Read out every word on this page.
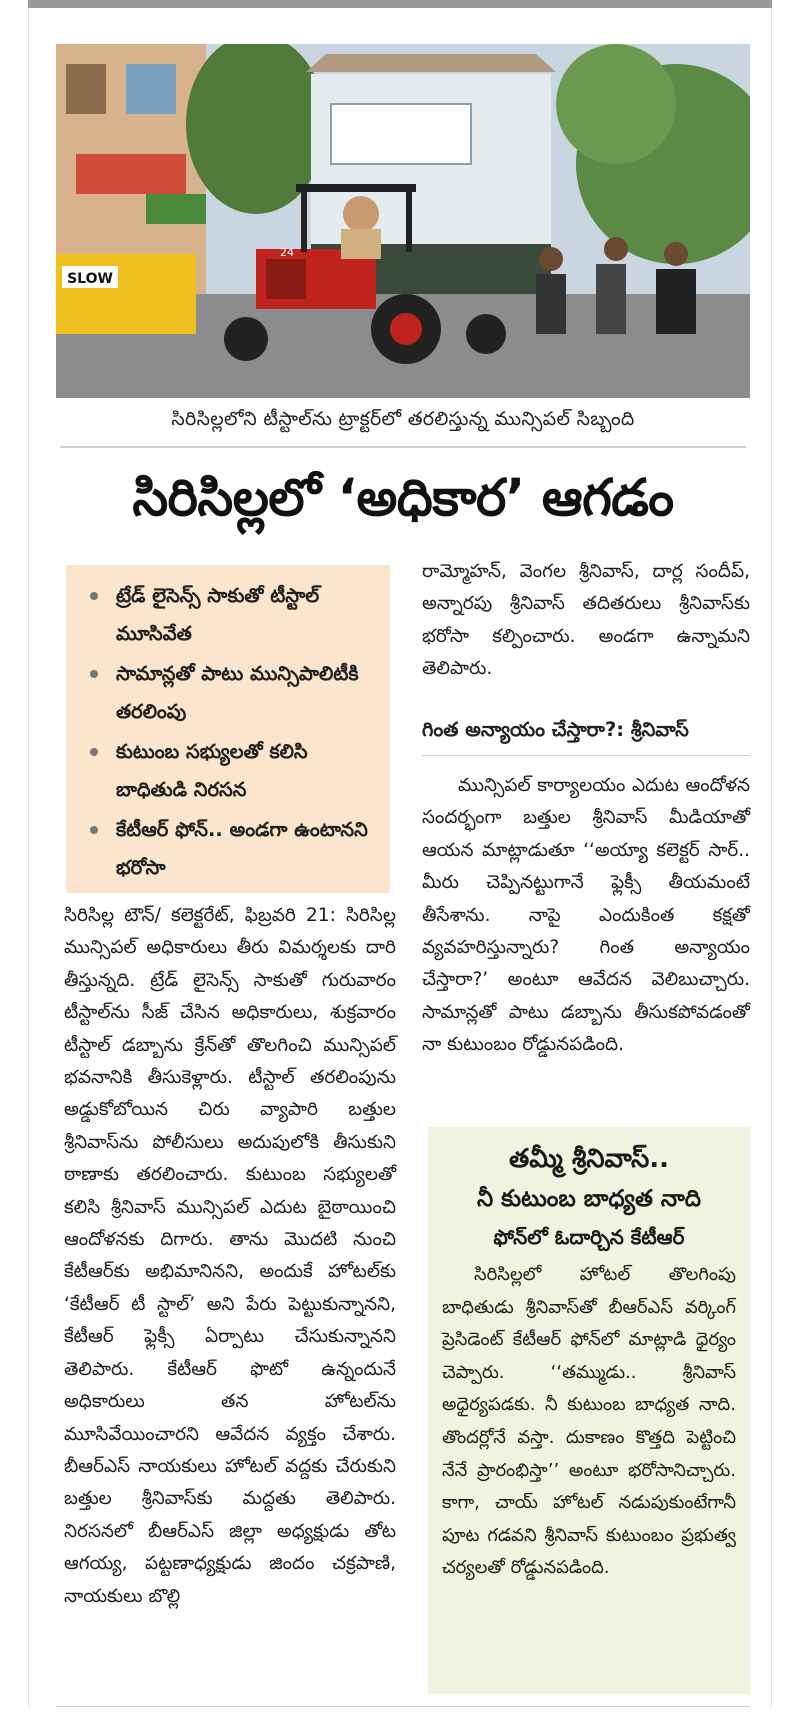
SLOW
24
సిరిసిల్లలోని టీస్టాల్‌ను ట్రాక్టర్‌లో తరలిస్తున్న మున్సిపల్ సిబ్బంది
సిరిసిల్లలో ‘అధికార’ ఆగడం
ట్రేడ్ లైసెన్స్ సాకుతో టీస్టాల్ మూసివేత
సామాన్లతో పాటు మున్సిపాలిటీకి తరలింపు
కుటుంబ సభ్యులతో కలిసి బాధితుడి నిరసన
కేటీఆర్ ఫోన్.. అండగా ఉంటానని భరోసా

సిరిసిల్ల టౌన్/ కలెక్టరేట్, ఫిబ్రవరి 21: సిరిసిల్ల మున్సిపల్ అధికారులు తీరు విమర్శలకు దారి తీస్తున్నది. ట్రేడ్ లైసెన్స్ సాకుతో గురువారం టీస్టాల్‌ను సీజ్ చేసిన అధికారులు, శుక్రవారం టీస్టాల్ డబ్బాను క్రేన్‌తో తొలగించి మున్సిపల్ భవనానికి తీసుకెళ్లారు. టీస్టాల్ తరలింపును అడ్డుకోబోయిన చిరు వ్యాపారి బత్తుల శ్రీనివాస్‌ను పోలీసులు అదుపులోకి తీసుకుని ఠాణాకు తరలించారు. కుటుంబ సభ్యులతో కలిసి శ్రీనివాస్ మున్సిపల్ ఎదుట బైఠాయించి ఆందోళనకు దిగారు. తాను మొదటి నుంచి కేటీఆర్‌కు అభిమానినని, అందుకే హోటల్‌కు ‘కేటీఆర్ టీ స్టాల్’ అని పేరు పెట్టుకున్నానని, కేటీఆర్ ఫ్లెక్సీ ఏర్పాటు చేసుకున్నానని తెలిపారు. కేటీఆర్ ఫొటో ఉన్నందునే అధికారులు తన హోటల్‌ను మూసివేయించారని ఆవేదన వ్యక్తం చేశారు. బీఆర్ఎస్ నాయకులు హోటల్ వద్దకు చేరుకుని బత్తుల శ్రీనివాస్‌కు మద్దతు తెలిపారు. నిరసనలో బీఆర్ఎస్ జిల్లా అధ్యక్షుడు తోట ఆగయ్య, పట్టణాధ్యక్షుడు జిందం చక్రపాణి, నాయకులు బొల్లి

రామ్మోహన్, వెంగల శ్రీనివాస్, దార్ల సందీప్, అన్నారపు శ్రీనివాస్ తదితరులు శ్రీనివాస్‌కు భరోసా కల్పించారు. అండగా ఉన్నామని తెలిపారు.

గింత అన్యాయం చేస్తారా?: శ్రీనివాస్

మున్సిపల్ కార్యాలయం ఎదుట ఆందోళన సందర్భంగా బత్తుల శ్రీనివాస్ మీడియాతో ఆయన మాట్లాడుతూ ‘‘అయ్యా కలెక్టర్ సార్.. మీరు చెప్పినట్టుగానే ఫ్లెక్సీ తీయమంటే తీసేశాను. నాపై ఎందుకింత కక్షతో వ్యవహరిస్తున్నారు? గింత అన్యాయం చేస్తారా?’ అంటూ ఆవేదన వెలిబుచ్చారు. సామాన్లతో పాటు డబ్బాను తీసుకపోవడంతో నా కుటుంబం రోడ్డునపడింది.

తమ్మీ శ్రీనివాస్..
నీ కుటుంబ బాధ్యత నాది
ఫోన్‌లో ఓదార్చిన కేటీఆర్
సిరిసిల్లలో హోటల్ తొలగింపు బాధితుడు శ్రీనివాస్‌తో బీఆర్ఎస్ వర్కింగ్ ప్రెసిడెంట్ కేటీఆర్ ఫోన్‌లో మాట్లాడి ధైర్యం చెప్పారు. ‘‘తమ్ముడు.. శ్రీనివాస్ అధైర్యపడకు. నీ కుటుంబ బాధ్యత నాది. తొందర్లోనే వస్తా. దుకాణం కొత్తది పెట్టించి నేనే ప్రారంభిస్తా’’ అంటూ భరోసానిచ్చారు. కాగా, చాయ్ హోటల్ నడుపుకుంటేగానీ పూట గడవని శ్రీనివాస్ కుటుంబం ప్రభుత్వ చర్యలతో రోడ్డునపడింది.
